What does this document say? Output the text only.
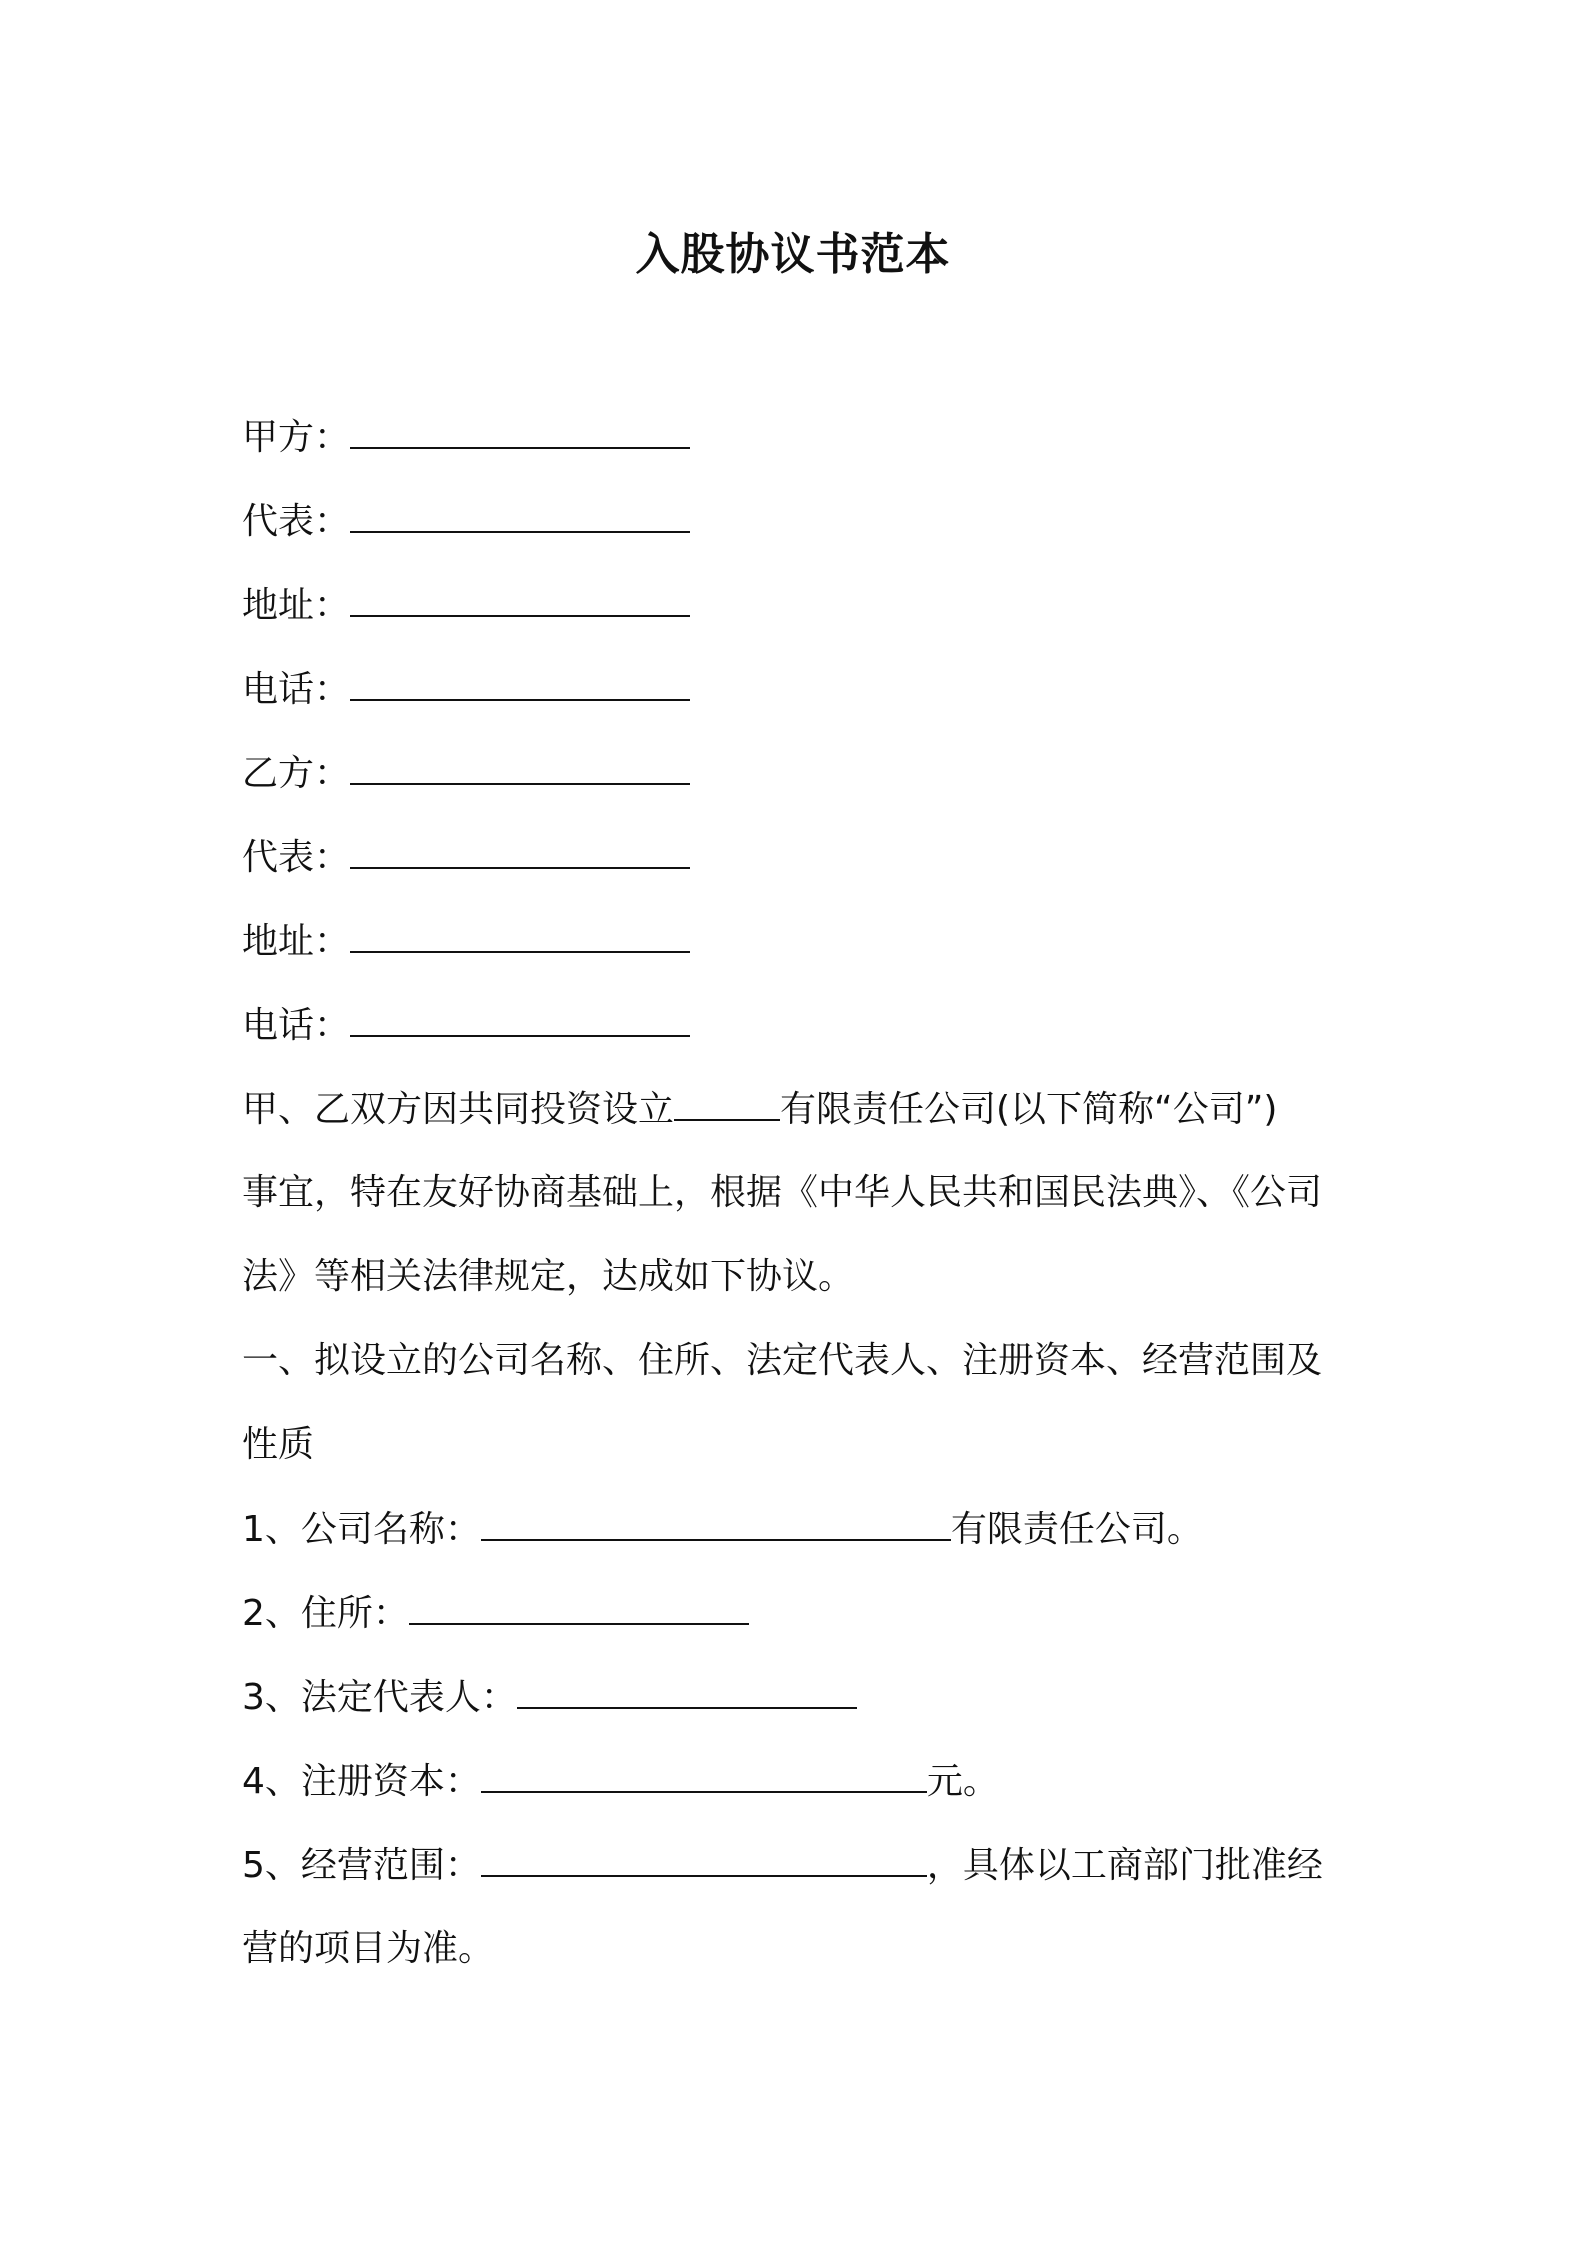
入股协议书范本
甲方：
代表：
地址：
电话：
乙方：
代表：
地址：
电话：
甲、乙双方因共同投资设立	有限责任公司(以下简称“公司”)
事宜，特在友好协商基础上，根据《中华人民共和国民法典》、《公司
法》等相关法律规定，达成如下协议。
一、拟设立的公司名称、住所、法定代表人、注册资本、经营范围及
性质
1、公司名称：	有限责任公司。
2、住所：
3、法定代表人：
4、注册资本：	元。
5、经营范围：	，具体以工商部门批准经
营的项目为准。
